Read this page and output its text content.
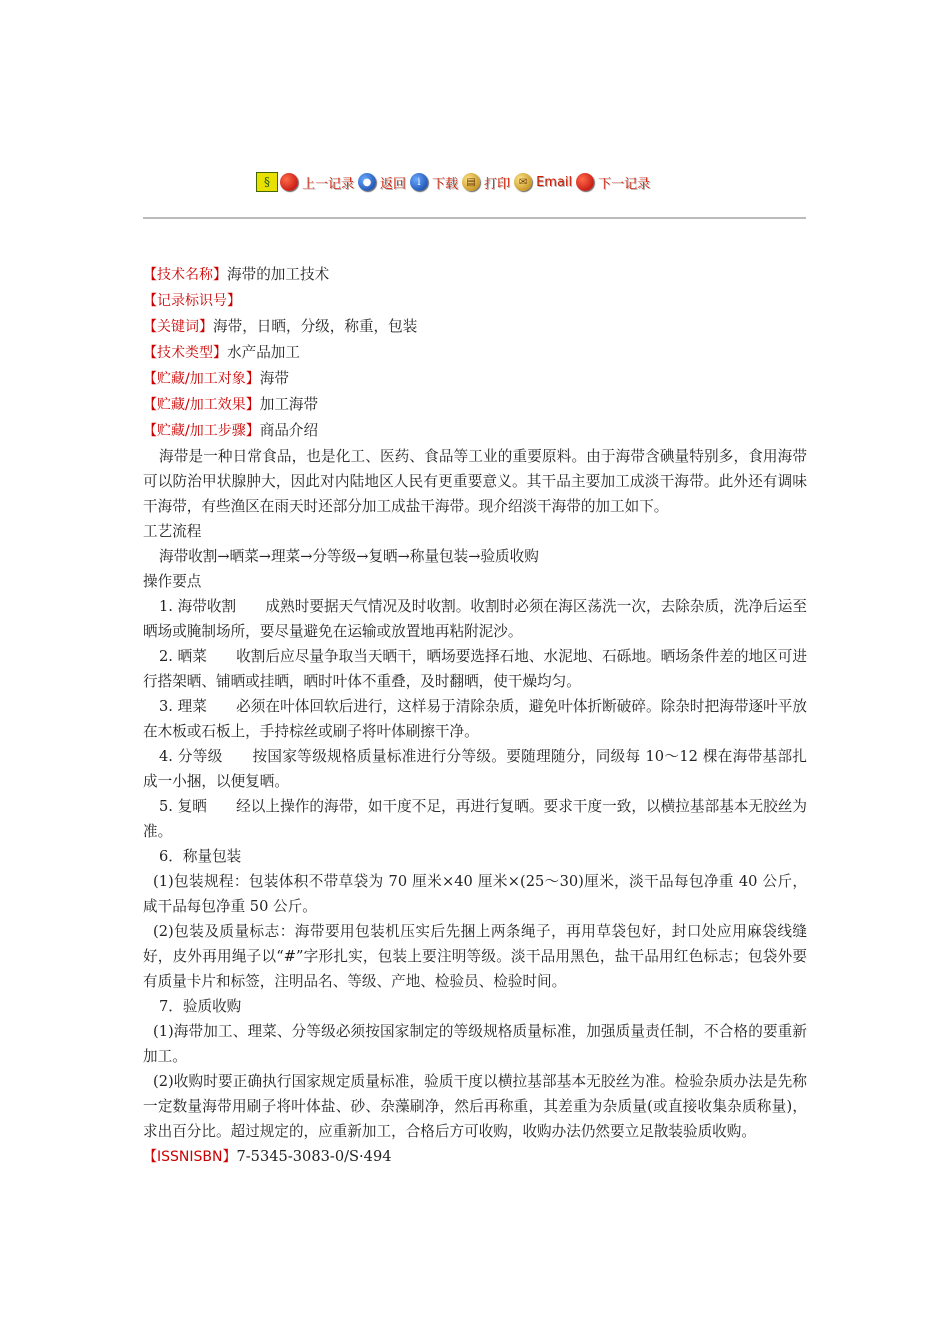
§	上一记录 ● 返回	i 下载 ▤ 打印 ✉ Email 下一记录

【技术名称】海带的加工技术

【记录标识号】

【关键词】海带，日晒，分级，称重，包装

【技术类型】水产品加工

【贮藏/加工对象】海带

【贮藏/加工效果】加工海带

【贮藏/加工步骤】商品介绍

海带是一种日常食品，也是化工、医药、食品等工业的重要原料。由于海带含碘量特别多，食用海带可以防治甲状腺肿大，因此对内陆地区人民有更重要意义。其干品主要加工成淡干海带。此外还有调味干海带，有些渔区在雨天时还部分加工成盐干海带。现介绍淡干海带的加工如下。

工艺流程

海带收割→晒菜→理菜→分等级→复晒→称量包装→验质收购

操作要点

1. 海带收割　　成熟时要据天气情况及时收割。收割时必须在海区荡洗一次，去除杂质，洗净后运至晒场或腌制场所，要尽量避免在运输或放置地再粘附泥沙。

2. 晒菜　　收割后应尽量争取当天晒干，晒场要选择石地、水泥地、石砾地。晒场条件差的地区可进行搭架晒、铺晒或挂晒，晒时叶体不重叠，及时翻晒，使干燥均匀。

3. 理菜　　必须在叶体回软后进行，这样易于清除杂质，避免叶体折断破碎。除杂时把海带逐叶平放在木板或石板上，手持棕丝或刷子将叶体刷擦干净。

4. 分等级　　按国家等级规格质量标准进行分等级。要随理随分，同级每 10～12 棵在海带基部扎成一小捆，以便复晒。

5. 复晒　　经以上操作的海带，如干度不足，再进行复晒。要求干度一致，以横拉基部基本无胶丝为准。

6．称量包装

(1)包装规程：包装体积不带草袋为 70 厘米×40 厘米×(25～30)厘米，淡干品每包净重 40 公斤，咸干品每包净重 50 公斤。

(2)包装及质量标志：海带要用包装机压实后先捆上两条绳子，再用草袋包好，封口处应用麻袋线缝好，皮外再用绳子以“#”字形扎实，包装上要注明等级。淡干品用黑色，盐干品用红色标志；包袋外要有质量卡片和标签，注明品名、等级、产地、检验员、检验时间。

7．验质收购

(1)海带加工、理菜、分等级必须按国家制定的等级规格质量标准，加强质量责任制，不合格的要重新加工。

(2)收购时要正确执行国家规定质量标准，验质干度以横拉基部基本无胶丝为准。检验杂质办法是先称一定数量海带用刷子将叶体盐、砂、杂藻刷净，然后再称重，其差重为杂质量(或直接收集杂质称量)，求出百分比。超过规定的，应重新加工，合格后方可收购，收购办法仍然要立足散装验质收购。

【ISSNISBN】7-5345-3083-0/S·494
